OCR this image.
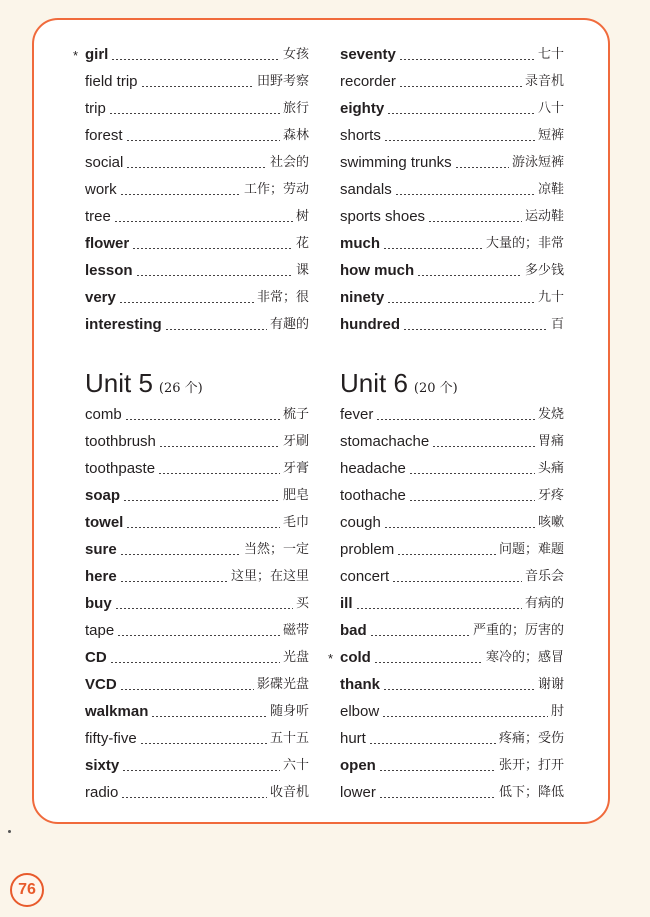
* girl	女孩
field trip	田野考察
trip	旅行
forest	森林
social	社会的
work	工作；劳动
tree	树
flower	花
lesson	课
very	非常；很
interesting	有趣的
Unit 5 (26 个)
comb	梳子
toothbrush	牙刷
toothpaste	牙膏
soap	肥皂
towel	毛巾
sure	当然；一定
here	这里；在这里
buy	买
tape	磁带
CD	光盘
VCD	影碟光盘
walkman	随身听
fifty-five	五十五
sixty	六十
radio	收音机
seventy	七十
recorder	录音机
eighty	八十
shorts	短裤
swimming trunks	游泳短裤
sandals	凉鞋
sports shoes	运动鞋
much	大量的；非常
how much	多少钱
ninety	九十
hundred	百
Unit 6 (20 个)
fever	发烧
stomachache	胃痛
headache	头痛
toothache	牙疼
cough	咳嗽
problem	问题；难题
concert	音乐会
ill	有病的
bad	严重的；厉害的
* cold	寒冷的；感冒
thank	谢谢
elbow	肘
hurt	疼痛；受伤
open	张开；打开
lower	低下；降低
76
